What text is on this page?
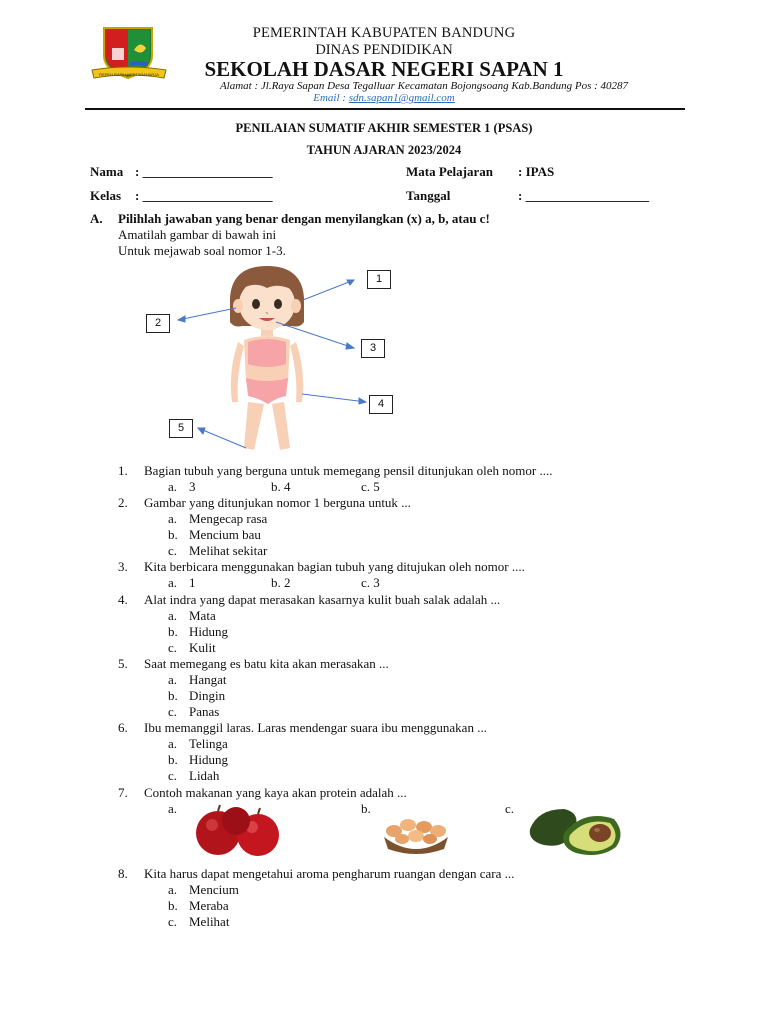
REPEH RAPIH KERTARAHARJA
PEMERINTAH KABUPATEN BANDUNG
DINAS PENDIDIKAN
SEKOLAH DASAR NEGERI SAPAN 1
Alamat : Jl.Raya Sapan Desa Tegalluar Kecamatan Bojongsoang Kab.Bandung Pos : 40287
Email : sdn.sapan1@gmail.com
PENILAIAN SUMATIF AKHIR SEMESTER 1 (PSAS)
TAHUN AJARAN 2023/2024
Nama : ____________________
Kelas : ____________________
Mata Pelajaran : IPAS
Tanggal	: ___________________
A. Pilihlah jawaban yang benar dengan menyilangkan (x) a, b, atau c!
Amatilah gambar di bawah ini
Untuk mejawab soal nomor 1-3.
1
2
3
4
5
1. Bagian tubuh yang berguna untuk memegang pensil ditunjukan oleh nomor ....
a. 3	b. 4	c. 5
2. Gambar yang ditunjukan nomor 1 berguna untuk ...
a. Mengecap rasa
b. Mencium bau
c. Melihat sekitar
3. Kita berbicara menggunakan bagian tubuh yang ditujukan oleh nomor ....
a. 1	b. 2	c. 3
4. Alat indra yang dapat merasakan kasarnya kulit buah salak adalah ...
a. Mata
b. Hidung
c. Kulit
5. Saat memegang es batu kita akan merasakan ...
a. Hangat
b. Dingin
c. Panas
6. Ibu memanggil laras. Laras mendengar suara ibu menggunakan ...
a. Telinga
b. Hidung
c. Lidah
7. Contoh makanan yang kaya akan protein adalah ...
a.	b.	c.
8. Kita harus dapat mengetahui aroma pengharum ruangan dengan cara ...
a. Mencium
b. Meraba
c. Melihat
